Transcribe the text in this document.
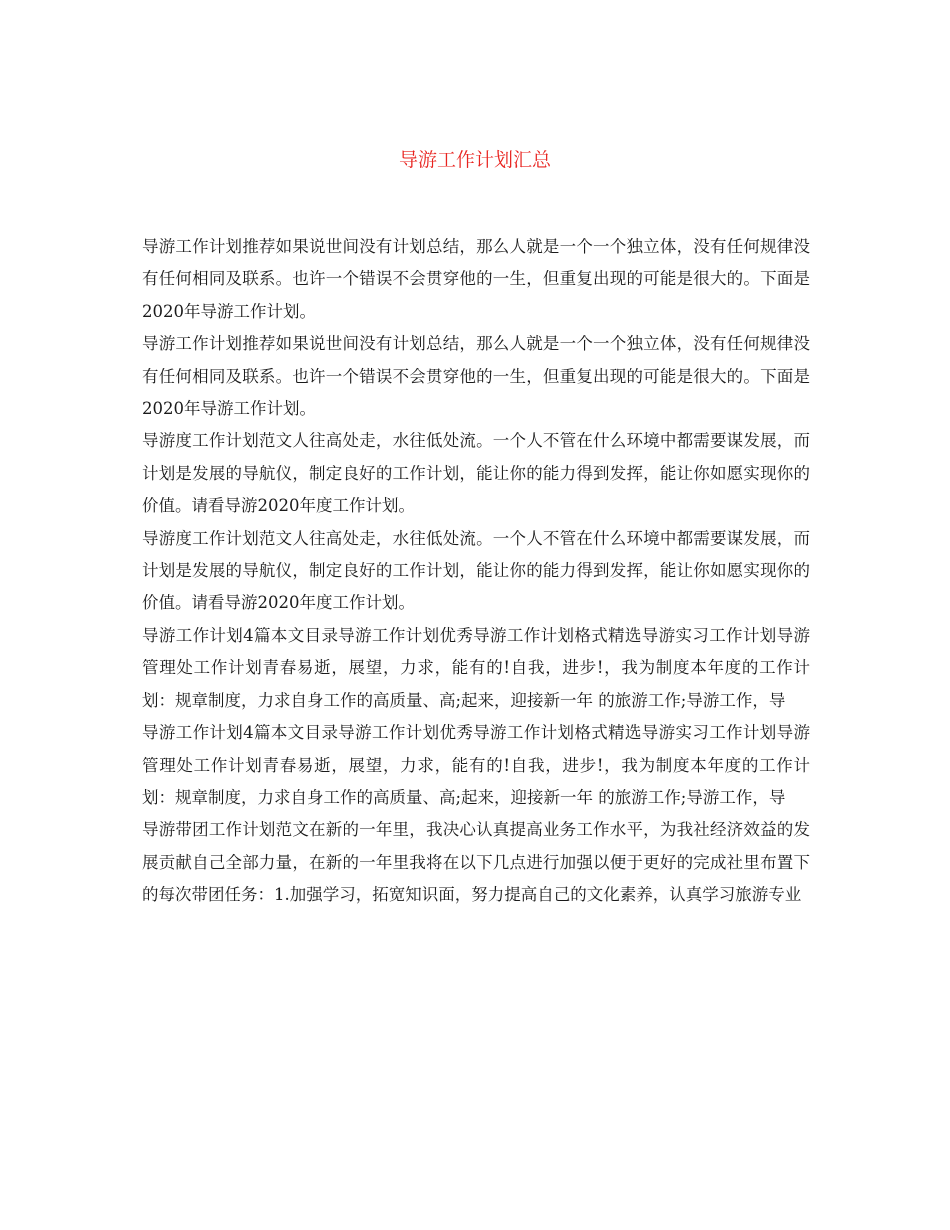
导游工作计划汇总

导游工作计划推荐如果说世间没有计划总结，那么人就是一个一个独立体，没有任何规律没有任何相同及联系。也许一个错误不会贯穿他的一生，但重复出现的可能是很大的。下面是2020年导游工作计划。

导游工作计划推荐如果说世间没有计划总结，那么人就是一个一个独立体，没有任何规律没有任何相同及联系。也许一个错误不会贯穿他的一生，但重复出现的可能是很大的。下面是2020年导游工作计划。

导游度工作计划范文人往高处走，水往低处流。一个人不管在什么环境中都需要谋发展，而计划是发展的导航仪，制定良好的工作计划，能让你的能力得到发挥，能让你如愿实现你的价值。请看导游2020年度工作计划。

导游度工作计划范文人往高处走，水往低处流。一个人不管在什么环境中都需要谋发展，而计划是发展的导航仪，制定良好的工作计划，能让你的能力得到发挥，能让你如愿实现你的价值。请看导游2020年度工作计划。

导游工作计划4篇本文目录导游工作计划优秀导游工作计划格式精选导游实习工作计划导游管理处工作计划青春易逝，展望，力求，能有的!自我，进步!，我为制度本年度的工作计划：规章制度，力求自身工作的高质量、高;起来，迎接新一年 的旅游工作;导游工作，导

导游工作计划4篇本文目录导游工作计划优秀导游工作计划格式精选导游实习工作计划导游管理处工作计划青春易逝，展望，力求，能有的!自我，进步!，我为制度本年度的工作计划：规章制度，力求自身工作的高质量、高;起来，迎接新一年 的旅游工作;导游工作，导

导游带团工作计划范文在新的一年里，我决心认真提高业务工作水平，为我社经济效益的发展贡献自己全部力量，在新的一年里我将在以下几点进行加强以便于更好的完成社里布置下的每次带团任务：1.加强学习，拓宽知识面，努力提高自己的文化素养，认真学习旅游专业
